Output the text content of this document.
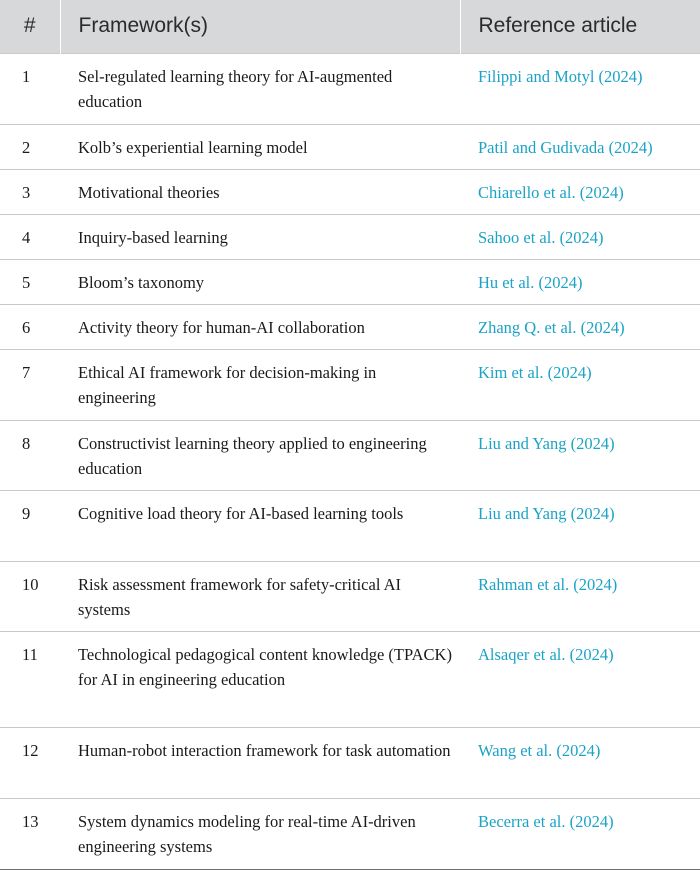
#	Framework(s)	Reference article
1	Sel-regulated learning theory for AI-augmented education	Filippi and Motyl (2024)
2	Kolb’s experiential learning model	Patil and Gudivada (2024)
3	Motivational theories	Chiarello et al. (2024)
4	Inquiry-based learning	Sahoo et al. (2024)
5	Bloom’s taxonomy	Hu et al. (2024)
6	Activity theory for human-AI collaboration	Zhang Q. et al. (2024)
7	Ethical AI framework for decision-making in engineering	Kim et al. (2024)
8	Constructivist learning theory applied to engineering education	Liu and Yang (2024)
9	Cognitive load theory for AI-based learning tools	Liu and Yang (2024)
10	Risk assessment framework for safety-critical AI systems	Rahman et al. (2024)
11	Technological pedagogical content knowledge (TPACK) for AI in engineering education	Alsaqer et al. (2024)
12	Human-robot interaction framework for task automation	Wang et al. (2024)
13	System dynamics modeling for real-time AI-driven engineering systems	Becerra et al. (2024)
